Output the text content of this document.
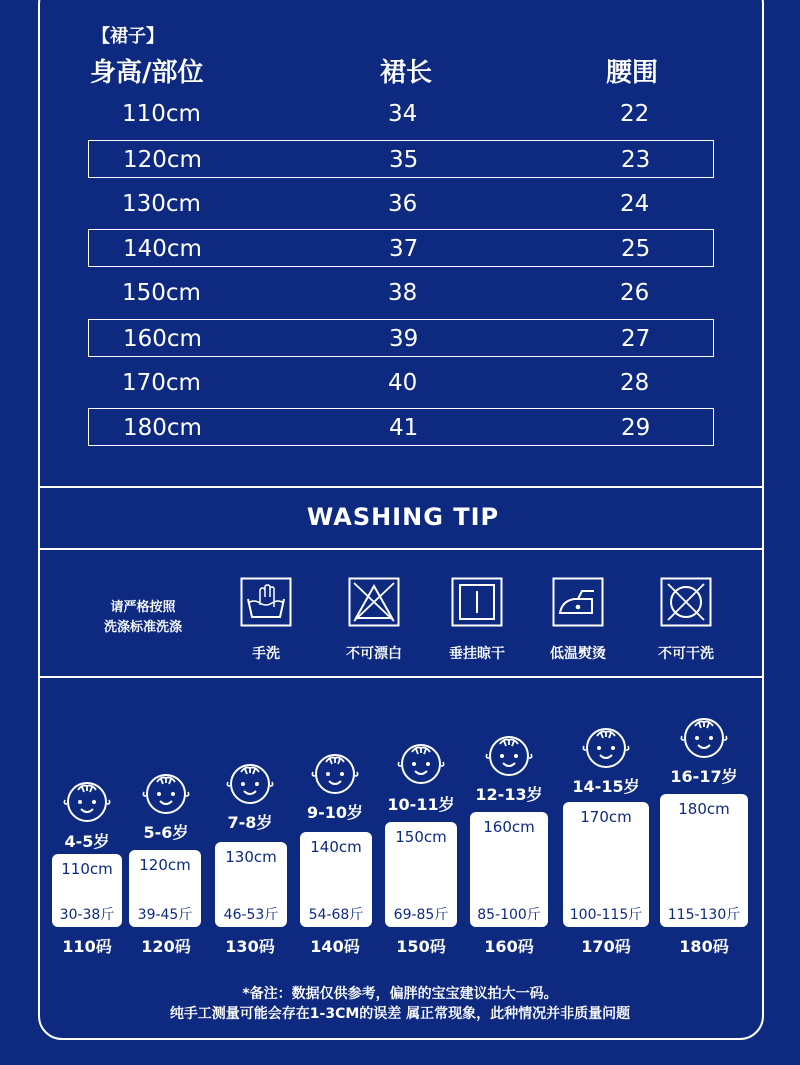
【裙子】
身高/部位	裙长	腰围
110cm	34	22
120cm	35	23
130cm	36	24
140cm	37	25
150cm	38	26
160cm	39	27
170cm	40	28
180cm	41	29
WASHING TIP
请严格按照
洗涤标准洗涤
手洗	不可漂白	垂挂晾干	低温熨烫	不可干洗
4-5岁
110cm
30-38斤
110码
5-6岁
120cm
39-45斤
120码
7-8岁
130cm
46-53斤
130码
9-10岁
140cm
54-68斤
140码
10-11岁
150cm
69-85斤
150码
12-13岁
160cm
85-100斤
160码
14-15岁
170cm
100-115斤
170码
16-17岁
180cm
115-130斤
180码
*备注：数据仅供参考，偏胖的宝宝建议拍大一码。
纯手工测量可能会存在1-3CM的误差 属正常现象，此种情况并非质量问题
